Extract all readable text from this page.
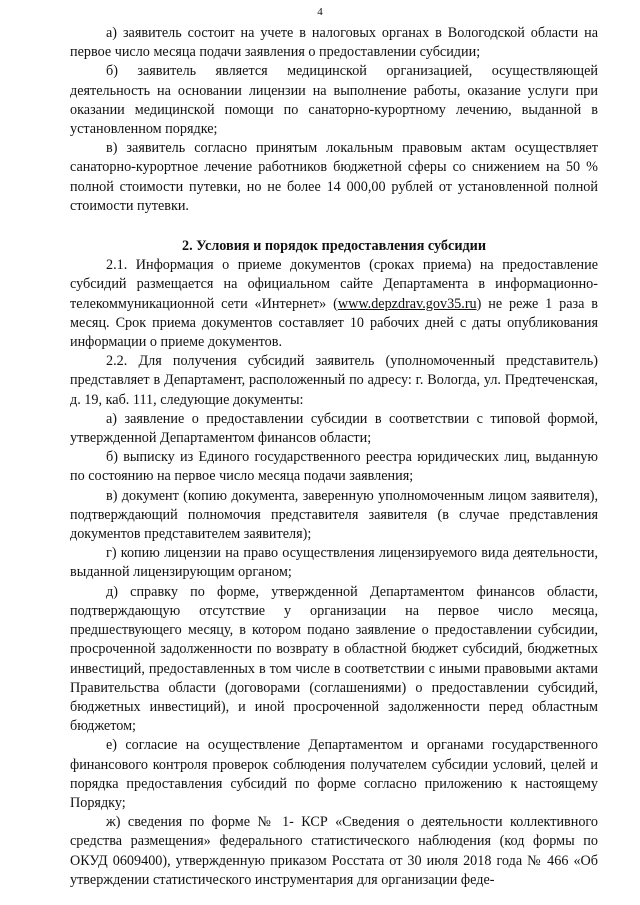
4

а) заявитель состоит на учете в налоговых органах в Вологодской области на первое число месяца подачи заявления о предоставлении субсидии;

б) заявитель является медицинской организацией, осуществляющей деятельность на основании лицензии на выполнение работы, оказание услуги при оказании медицинской помощи по санаторно-курортному лечению, выданной в установленном порядке;

в) заявитель согласно принятым локальным правовым актам осуществляет санаторно-курортное лечение работников бюджетной сферы со снижением на 50 % полной стоимости путевки, но не более 14 000,00 рублей от установленной полной стоимости путевки.

2. Условия и порядок предоставления субсидии

2.1. Информация о приеме документов (сроках приема) на предоставление субсидий размещается на официальном сайте Департамента в информационно-телекоммуникационной сети «Интернет» (www.depzdrav.gov35.ru) не реже 1 раза в месяц. Срок приема документов составляет 10 рабочих дней с даты опубликования информации о приеме документов.

2.2. Для получения субсидий заявитель (уполномоченный представитель) представляет в Департамент, расположенный по адресу: г. Вологда, ул. Предтеченская, д. 19, каб. 111, следующие документы:

а) заявление о предоставлении субсидии в соответствии с типовой формой, утвержденной Департаментом финансов области;

б) выписку из Единого государственного реестра юридических лиц, выданную по состоянию на первое число месяца подачи заявления;

в) документ (копию документа, заверенную уполномоченным лицом заявителя), подтверждающий полномочия представителя заявителя (в случае представления документов представителем заявителя);

г) копию лицензии на право осуществления лицензируемого вида деятельности, выданной лицензирующим органом;

д) справку по форме, утвержденной Департаментом финансов области, подтверждающую отсутствие у организации на первое число месяца, предшествующего месяцу, в котором подано заявление о предоставлении субсидии, просроченной задолженности по возврату в областной бюджет субсидий, бюджетных инвестиций, предоставленных в том числе в соответствии с иными правовыми актами Правительства области (договорами (соглашениями) о предоставлении субсидий, бюджетных инвестиций), и иной просроченной задолженности перед областным бюджетом;

е) согласие на осуществление Департаментом и органами государственного финансового контроля проверок соблюдения получателем субсидии условий, целей и порядка предоставления субсидий по форме согласно приложению к настоящему Порядку;

ж) сведения по форме № 1- КСР «Сведения о деятельности коллективного средства размещения» федерального статистического наблюдения (код формы по ОКУД 0609400), утвержденную приказом Росстата от 30 июля 2018 года № 466 «Об утверждении статистического инструментария для организации феде-
